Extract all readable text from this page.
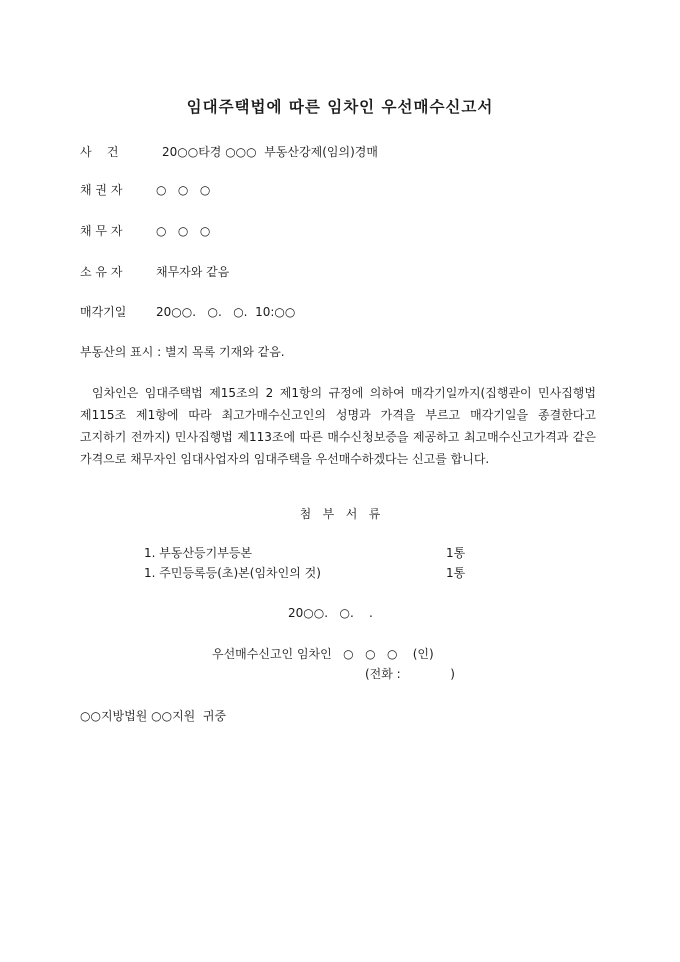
임대주택법에 따른 임차인 우선매수신고서
사    건	20○○타경 ○○○  부동산강제(임의)경매
채 권 자	○   ○   ○
채 무 자	○   ○   ○
소 유 자	채무자와 같음
매각기일 20○○.   ○.   ○.  10:○○
부동산의 표시 : 별지 목록 기재와 같음.

임차인은 임대주택법 제15조의 2 제1항의 규정에 의하여 매각기일까지(집행관이 민사집행법 제115조 제1항에 따라 최고가매수신고인의 성명과 가격을 부르고 매각기일을 종결한다고 고지하기 전까지) 민사집행법 제113조에 따른 매수신청보증을 제공하고 최고매수신고가격과 같은 가격으로 채무자인 임대사업자의 임대주택을 우선매수하겠다는 신고를 합니다.

첨   부   서   류
1. 부동산등기부등본	1통
1. 주민등록등(초)본(임차인의 것)	1통
20○○.   ○.    .
우선매수신고인 임차인   ○   ○   ○    (인)
(전화 :             )
○○지방법원 ○○지원  귀중
